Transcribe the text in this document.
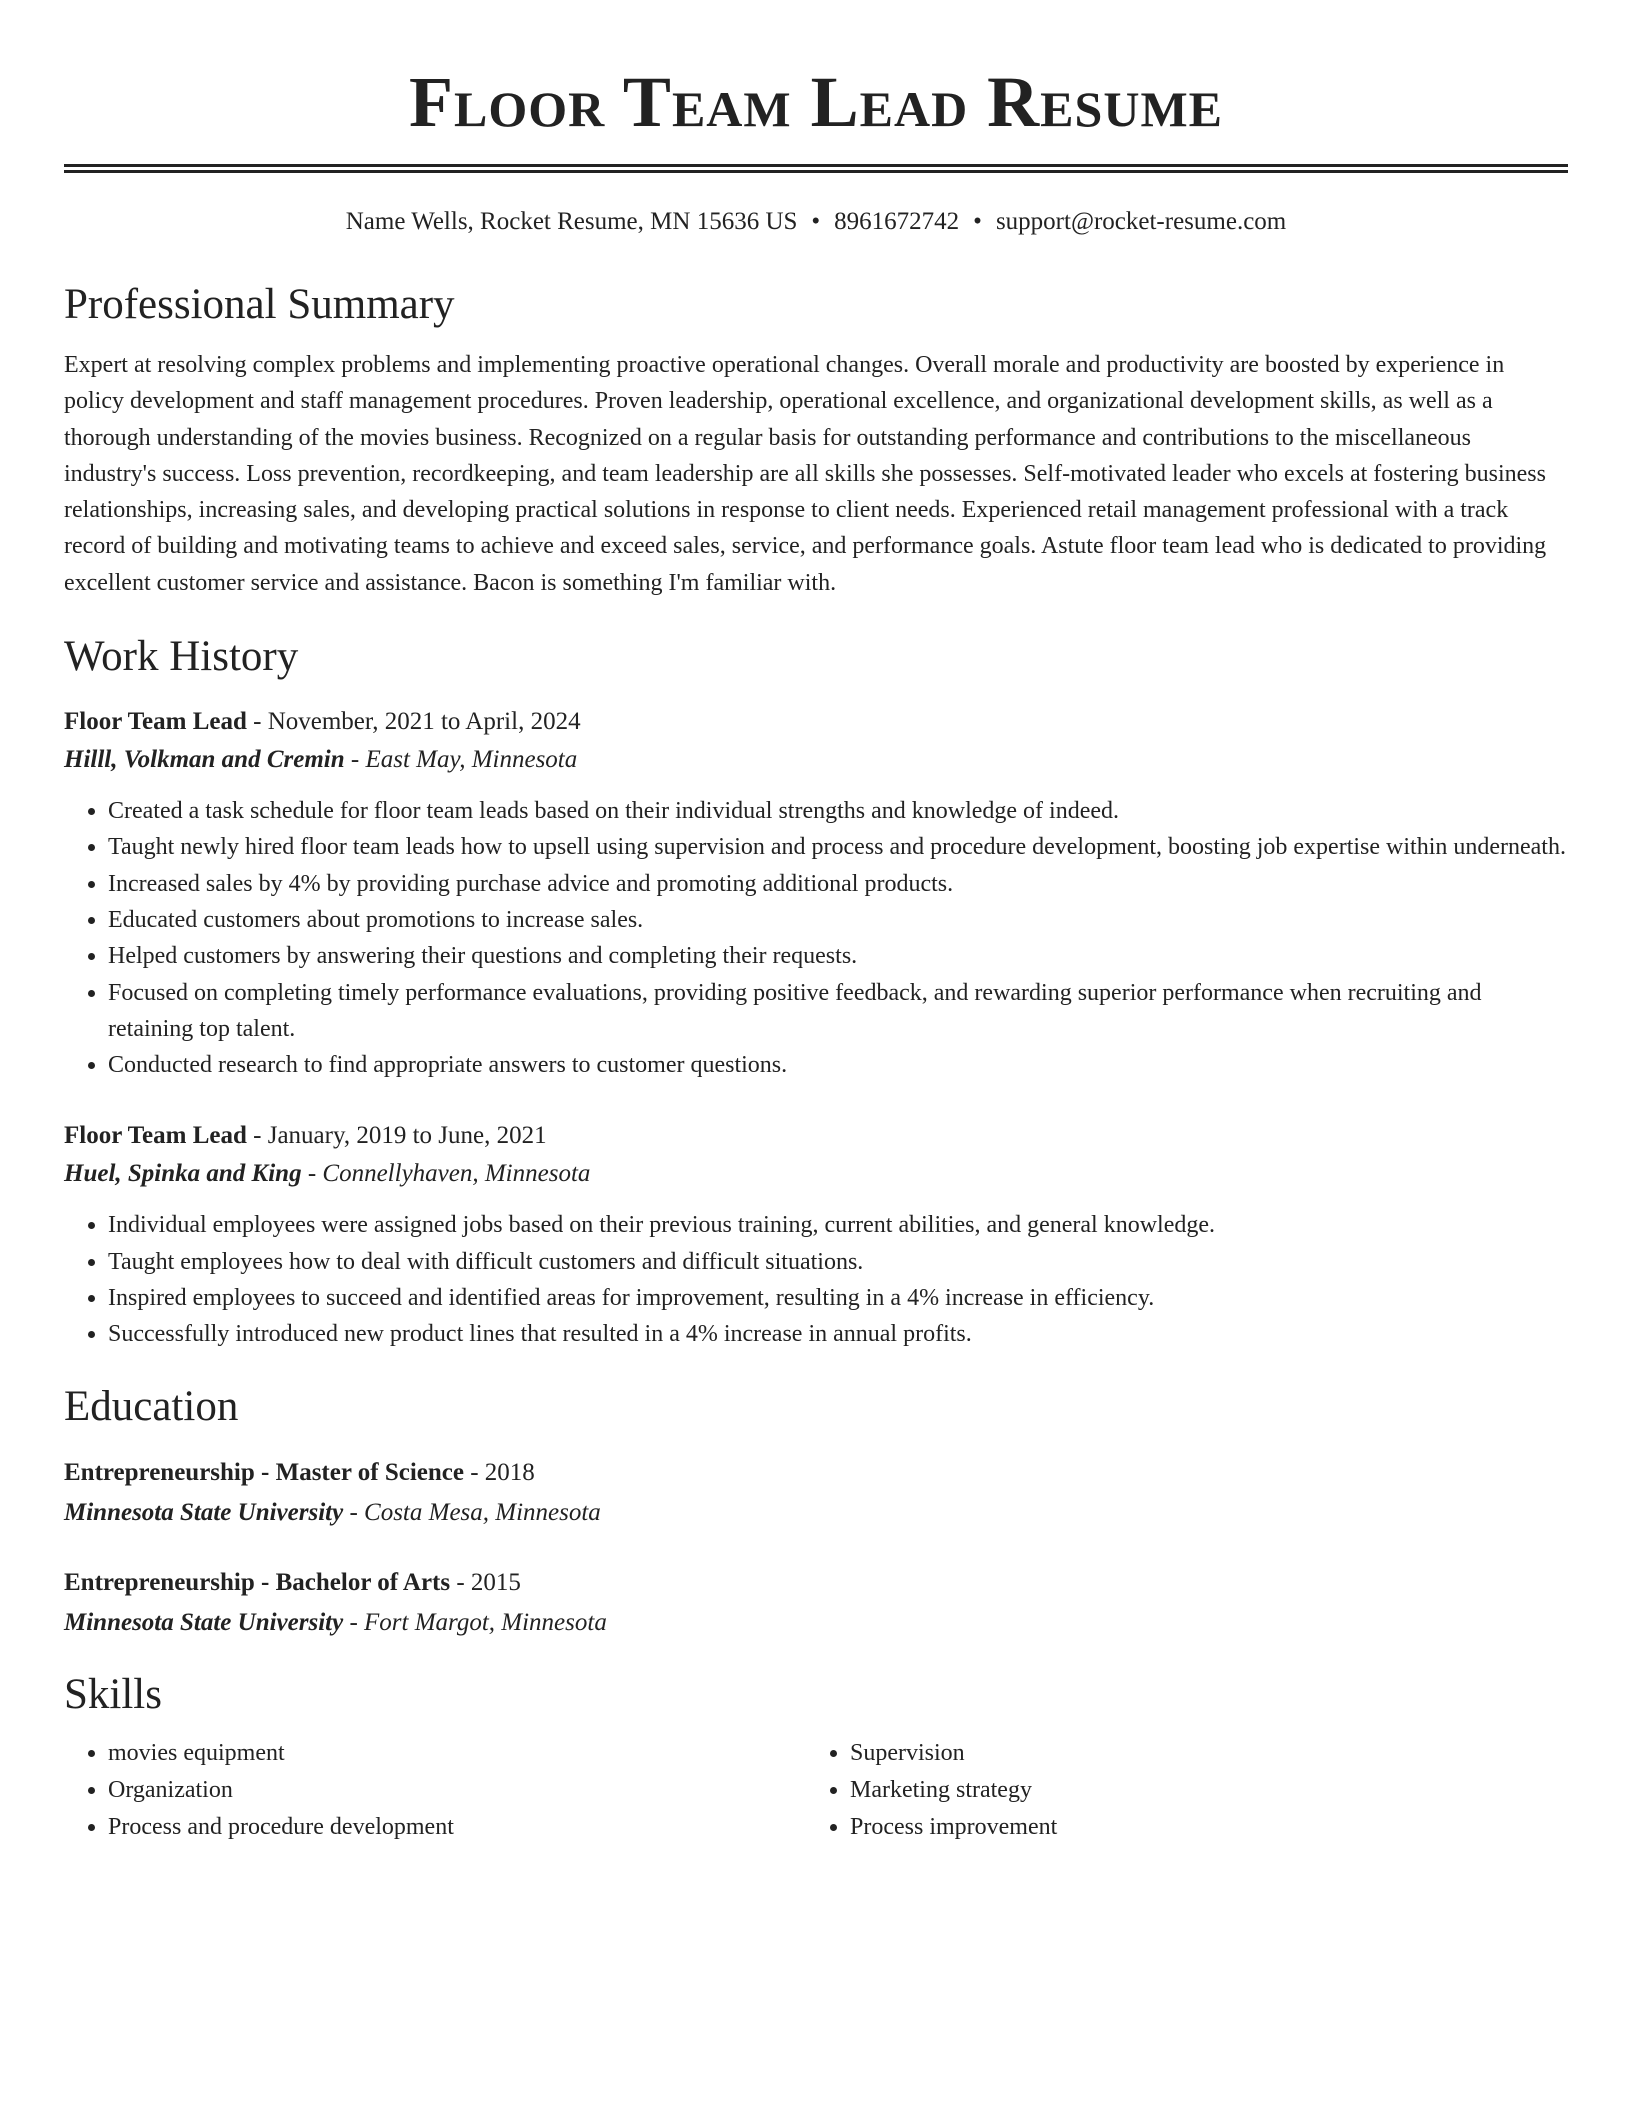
Floor Team Lead Resume
Name Wells, Rocket Resume, MN 15636 US • 8961672742 • support@rocket-resume.com
Professional Summary
Expert at resolving complex problems and implementing proactive operational changes. Overall morale and productivity are boosted by experience in policy development and staff management procedures. Proven leadership, operational excellence, and organizational development skills, as well as a thorough understanding of the movies business. Recognized on a regular basis for outstanding performance and contributions to the miscellaneous industry's success. Loss prevention, recordkeeping, and team leadership are all skills she possesses. Self-motivated leader who excels at fostering business relationships, increasing sales, and developing practical solutions in response to client needs. Experienced retail management professional with a track record of building and motivating teams to achieve and exceed sales, service, and performance goals. Astute floor team lead who is dedicated to providing excellent customer service and assistance. Bacon is something I'm familiar with.
Work History
Floor Team Lead - November, 2021 to April, 2024
Hilll, Volkman and Cremin - East May, Minnesota
• Created a task schedule for floor team leads based on their individual strengths and knowledge of indeed.
• Taught newly hired floor team leads how to upsell using supervision and process and procedure development, boosting job expertise within underneath.
• Increased sales by 4% by providing purchase advice and promoting additional products.
• Educated customers about promotions to increase sales.
• Helped customers by answering their questions and completing their requests.
• Focused on completing timely performance evaluations, providing positive feedback, and rewarding superior performance when recruiting and retaining top talent.
• Conducted research to find appropriate answers to customer questions.
Floor Team Lead - January, 2019 to June, 2021
Huel, Spinka and King - Connellyhaven, Minnesota
• Individual employees were assigned jobs based on their previous training, current abilities, and general knowledge.
• Taught employees how to deal with difficult customers and difficult situations.
• Inspired employees to succeed and identified areas for improvement, resulting in a 4% increase in efficiency.
• Successfully introduced new product lines that resulted in a 4% increase in annual profits.
Education
Entrepreneurship - Master of Science - 2018
Minnesota State University - Costa Mesa, Minnesota
Entrepreneurship - Bachelor of Arts - 2015
Minnesota State University - Fort Margot, Minnesota
Skills
• movies equipment
• Organization
• Process and procedure development
• Supervision
• Marketing strategy
• Process improvement
